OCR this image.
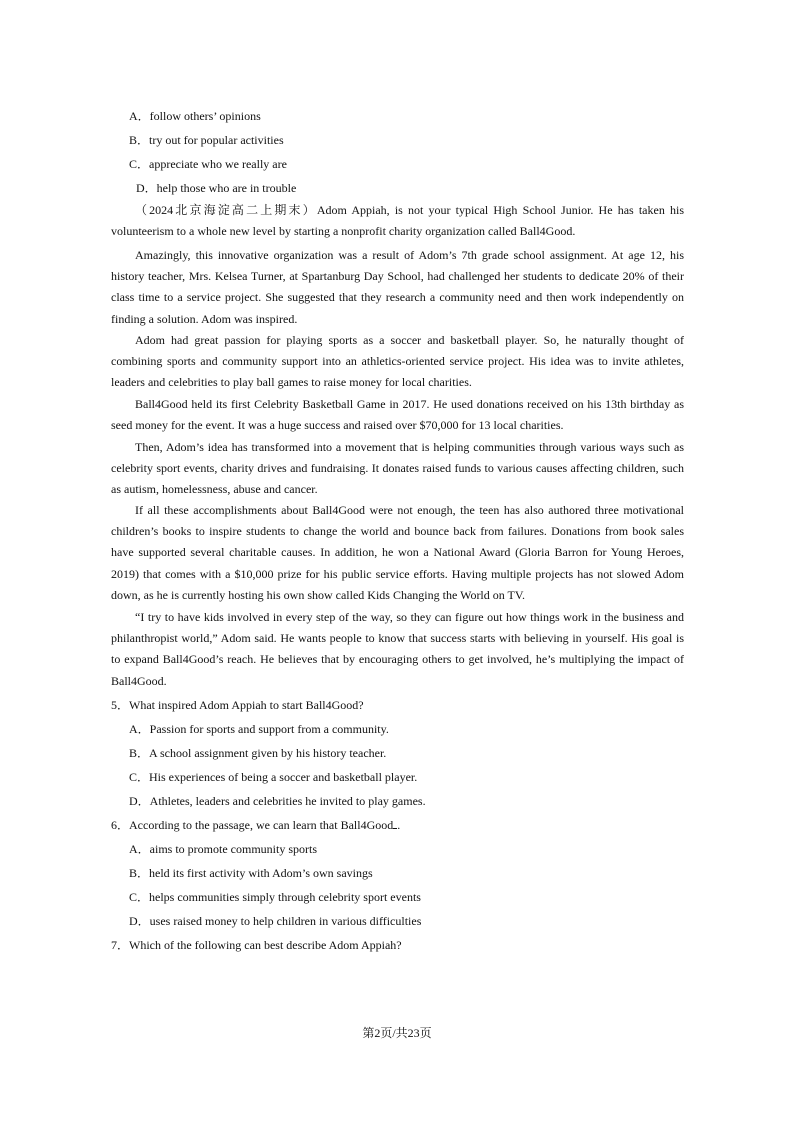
A．follow others’ opinions
B．try out for popular activities
C．appreciate who we really are
D．help those who are in trouble

（2024北京海淀高二上期末）Adom Appiah, is not your typical High School Junior. He has taken his volunteerism to a whole new level by starting a nonprofit charity organization called Ball4Good.

Amazingly, this innovative organization was a result of Adom’s 7th grade school assignment. At age 12, his history teacher, Mrs. Kelsea Turner, at Spartanburg Day School, had challenged her students to dedicate 20% of their class time to a service project. She suggested that they research a community need and then work independently on finding a solution. Adom was inspired.

Adom had great passion for playing sports as a soccer and basketball player. So, he naturally thought of combining sports and community support into an athletics-oriented service project. His idea was to invite athletes, leaders and celebrities to play ball games to raise money for local charities.

Ball4Good held its first Celebrity Basketball Game in 2017. He used donations received on his 13th birthday as seed money for the event. It was a huge success and raised over $70,000 for 13 local charities.

Then, Adom’s idea has transformed into a movement that is helping communities through various ways such as celebrity sport events, charity drives and fundraising. It donates raised funds to various causes affecting children, such as autism, homelessness, abuse and cancer.

If all these accomplishments about Ball4Good were not enough, the teen has also authored three motivational children’s books to inspire students to change the world and bounce back from failures. Donations from book sales have supported several charitable causes. In addition, he won a National Award (Gloria Barron for Young Heroes, 2019) that comes with a $10,000 prize for his public service efforts. Having multiple projects has not slowed Adom down, as he is currently hosting his own show called Kids Changing the World on TV.

“I try to have kids involved in every step of the way, so they can figure out how things work in the business and philanthropist world,” Adom said. He wants people to know that success starts with believing in yourself. His goal is to expand Ball4Good’s reach. He believes that by encouraging others to get involved, he’s multiplying the impact of Ball4Good.

5．What inspired Adom Appiah to start Ball4Good?
A．Passion for sports and support from a community.
B．A school assignment given by his history teacher.
C．His experiences of being a soccer and basketball player.
D．Athletes, leaders and celebrities he invited to play games.
6．According to the passage, we can learn that Ball4Good .
A．aims to promote community sports
B．held its first activity with Adom’s own savings
C．helps communities simply through celebrity sport events
D．uses raised money to help children in various difficulties
7．Which of the following can best describe Adom Appiah?
第2页/共23页
